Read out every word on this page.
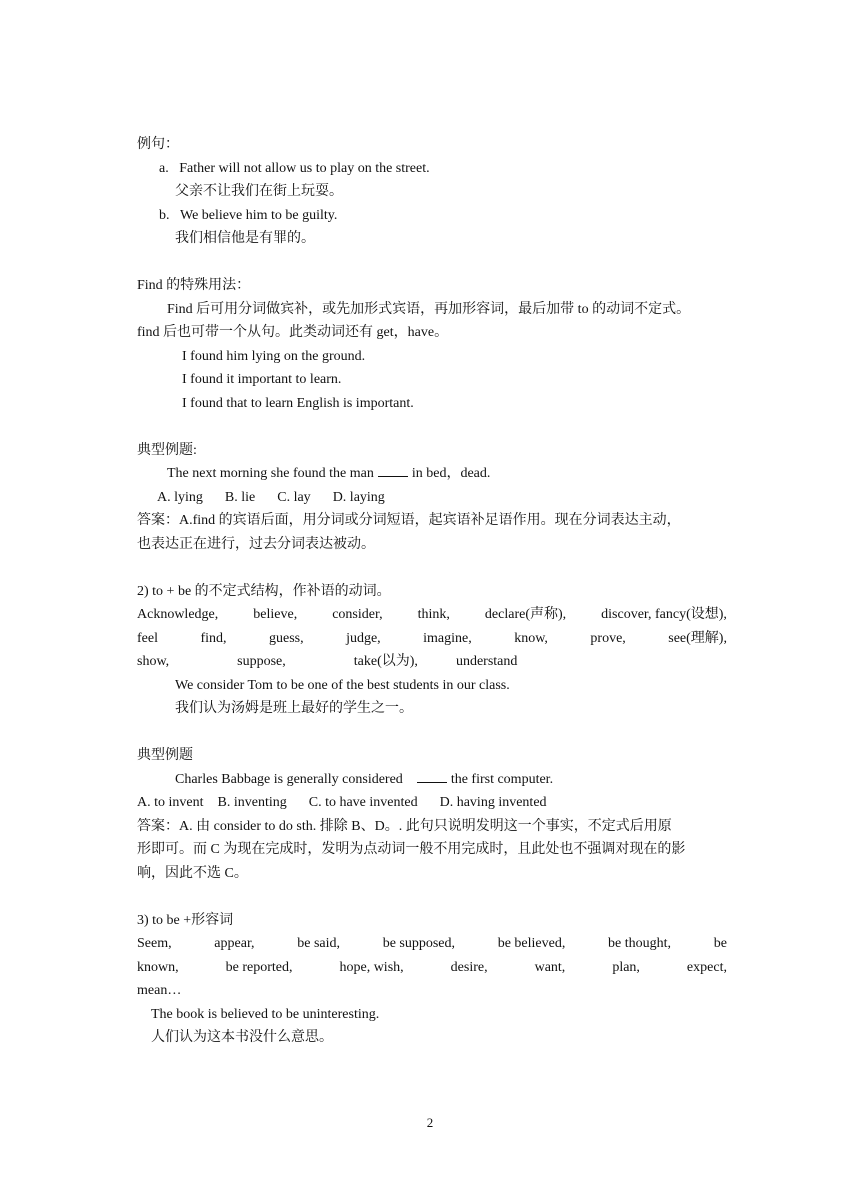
例句：
a. Father will not allow us to play on the street.
父亲不让我们在街上玩耍。
b. We believe him to be guilty.
我们相信他是有罪的。
Find 的特殊用法：
Find 后可用分词做宾补，或先加形式宾语，再加形容词，最后加带 to 的动词不定式。
find 后也可带一个从句。此类动词还有 get，have。
I found him lying on the ground.
I found it important to learn.
I found that to learn English is important.
典型例题:
The next morning she found the man	in bed，dead.
A. lying B. lie C. lay D. laying
答案：A.find 的宾语后面，用分词或分词短语，起宾语补足语作用。现在分词表达主动，
也表达正在进行，过去分词表达被动。
2) to + be 的不定式结构，作补语的动词。
Acknowledge,	believe,	consider,	think,	declare(声称),	discover, fancy(设想),
feel	find,	guess,	judge,	imagine,	know,	prove,	see(理解),
show,	suppose,	take(以为),	understand
We consider Tom to be one of the best students in our class.
我们认为汤姆是班上最好的学生之一。
典型例题
Charles Babbage is generally considered	the first computer.
A. to invent B. inventing C. to have invented D. having invented
答案：A. 由 consider to do sth. 排除 B、D。. 此句只说明发明这一个事实，不定式后用原
形即可。而 C 为现在完成时，发明为点动词一般不用完成时，且此处也不强调对现在的影
响，因此不选 C。
3) to be +形容词
Seem,	appear,	be said,	be supposed,	be believed,	be thought,	be
known,	be reported,	hope, wish,	desire,	want,	plan,	expect,
mean…
The book is believed to be uninteresting.
人们认为这本书没什么意思。
2
